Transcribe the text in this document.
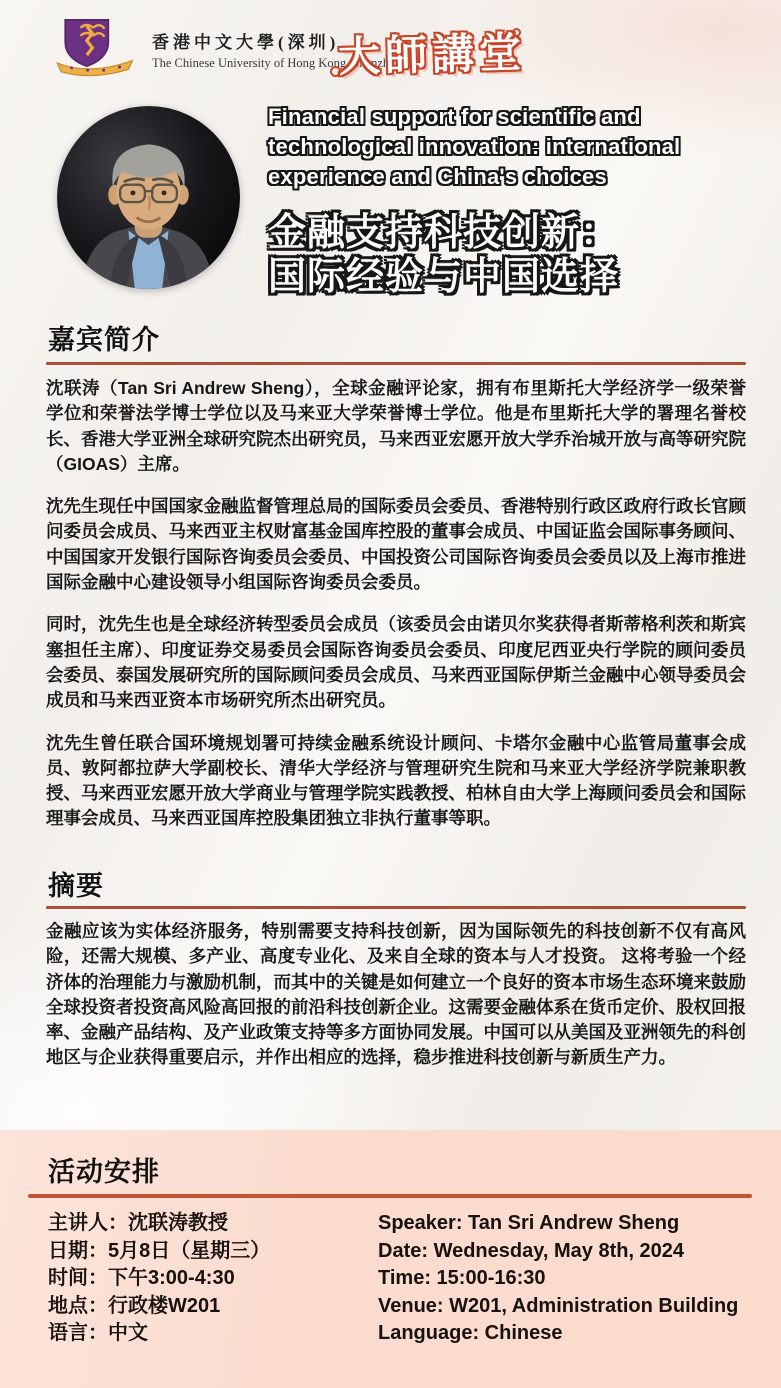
香港中文大學(深圳)
The Chinese University of Hong Kong, Shenzhen
大師講堂
Financial support for scientific and
technological innovation: international
experience and China's choices
金融支持科技创新：
国际经验与中国选择
嘉宾简介

沈联涛（Tan Sri Andrew Sheng），全球金融评论家，拥有布里斯托大学经济学一级荣誉学位和荣誉法学博士学位以及马来亚大学荣誉博士学位。他是布里斯托大学的署理名誉校长、香港大学亚洲全球研究院杰出研究员，马来西亚宏愿开放大学乔治城开放与高等研究院（GIOAS）主席。

沈先生现任中国国家金融监督管理总局的国际委员会委员、香港特别行政区政府行政长官顾问委员会成员、马来西亚主权财富基金国库控股的董事会成员、中国证监会国际事务顾问、中国国家开发银行国际咨询委员会委员、中国投资公司国际咨询委员会委员以及上海市推进国际金融中心建设领导小组国际咨询委员会委员。

同时，沈先生也是全球经济转型委员会成员（该委员会由诺贝尔奖获得者斯蒂格利茨和斯宾塞担任主席）、印度证券交易委员会国际咨询委员会委员、印度尼西亚央行学院的顾问委员会委员、泰国发展研究所的国际顾问委员会成员、马来西亚国际伊斯兰金融中心领导委员会成员和马来西亚资本市场研究所杰出研究员。

沈先生曾任联合国环境规划署可持续金融系统设计顾问、卡塔尔金融中心监管局董事会成员、敦阿都拉萨大学副校长、清华大学经济与管理研究生院和马来亚大学经济学院兼职教授、马来西亚宏愿开放大学商业与管理学院实践教授、柏林自由大学上海顾问委员会和国际理事会成员、马来西亚国库控股集团独立非执行董事等职。

摘要

金融应该为实体经济服务，特别需要支持科技创新，因为国际领先的科技创新不仅有高风险，还需大规模、多产业、高度专业化、及来自全球的资本与人才投资。 这将考验一个经济体的治理能力与激励机制，而其中的关键是如何建立一个良好的资本市场生态环境来鼓励全球投资者投资高风险高回报的前沿科技创新企业。这需要金融体系在货币定价、股权回报率、金融产品结构、及产业政策支持等多方面协同发展。中国可以从美国及亚洲领先的科创地区与企业获得重要启示，并作出相应的选择，稳步推进科技创新与新质生产力。

活动安排
主讲人：沈联涛教授
日期：5月8日（星期三）
时间：下午3:00-4:30
地点：行政楼W201
语言：中文
Speaker: Tan Sri Andrew Sheng
Date: Wednesday, May 8th, 2024
Time: 15:00-16:30
Venue: W201, Administration Building
Language: Chinese
